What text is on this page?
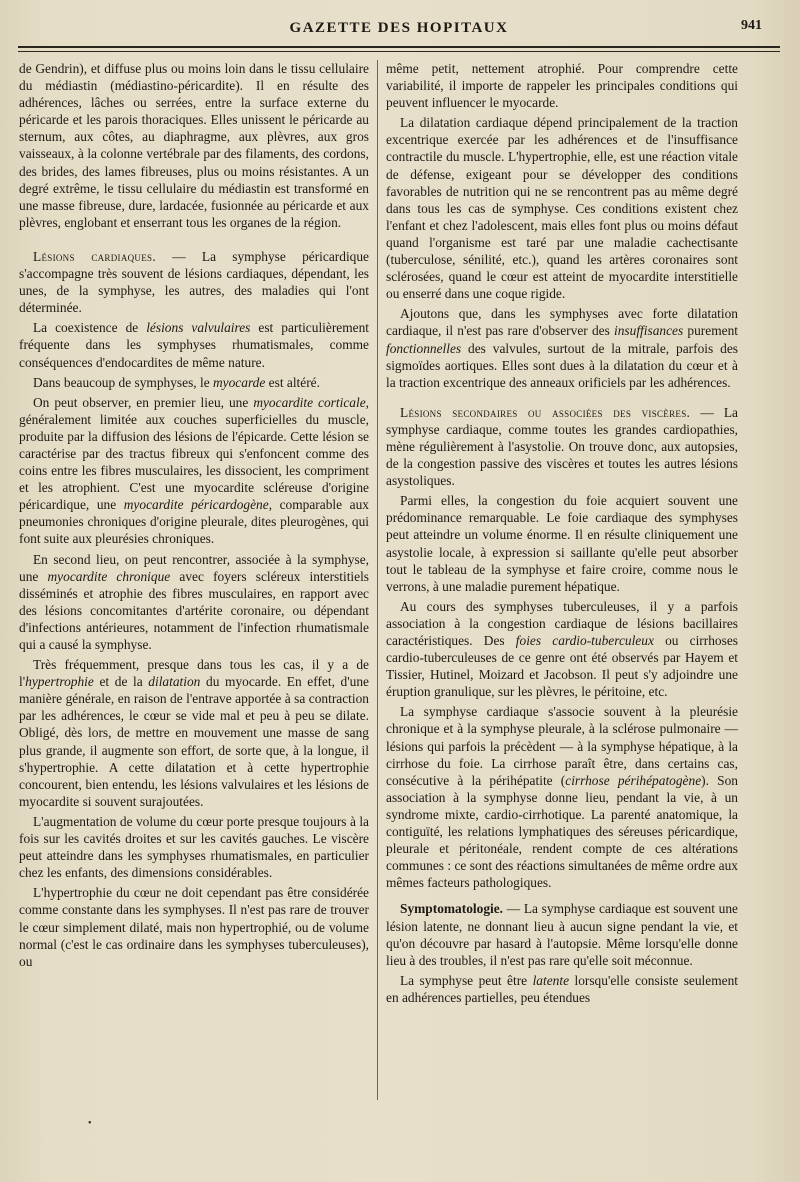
GAZETTE DES HOPITAUX	941

de Gendrin), et diffuse plus ou moins loin dans le tissu cellulaire du médiastin (médiastino-péricardite). Il en résulte des adhérences, lâches ou serrées, entre la surface externe du péricarde et les parois thoraciques. Elles unissent le péricarde au sternum, aux côtes, au diaphragme, aux plèvres, aux gros vaisseaux, à la colonne vertébrale par des filaments, des cordons, des brides, des lames fibreuses, plus ou moins résistantes. A un degré extrême, le tissu cellulaire du médiastin est transformé en une masse fibreuse, dure, lardacée, fusionnée au péricarde et aux plèvres, englobant et enserrant tous les organes de la région.

Lésions cardiaques. — La symphyse péricardique s'accompagne très souvent de lésions cardiaques, dépendant, les unes, de la symphyse, les autres, des maladies qui l'ont déterminée.

La coexistence de lésions valvulaires est particulièrement fréquente dans les symphyses rhumatismales, comme conséquences d'endocardites de même nature.

Dans beaucoup de symphyses, le myocarde est altéré.

On peut observer, en premier lieu, une myocardite corticale, généralement limitée aux couches superficielles du muscle, produite par la diffusion des lésions de l'épicarde. Cette lésion se caractérise par des tractus fibreux qui s'enfoncent comme des coins entre les fibres musculaires, les dissocient, les compriment et les atrophient. C'est une myocardite scléreuse d'origine péricardique, une myocardite péricardogène, comparable aux pneumonies chroniques d'origine pleurale, dites pleurogènes, qui font suite aux pleurésies chroniques.

En second lieu, on peut rencontrer, associée à la symphyse, une myocardite chronique avec foyers scléreux interstitiels disséminés et atrophie des fibres musculaires, en rapport avec des lésions concomitantes d'artérite coronaire, ou dépendant d'infections antérieures, notamment de l'infection rhumatismale qui a causé la symphyse.

Très fréquemment, presque dans tous les cas, il y a de l'hypertrophie et de la dilatation du myocarde. En effet, d'une manière générale, en raison de l'entrave apportée à sa contraction par les adhérences, le cœur se vide mal et peu à peu se dilate. Obligé, dès lors, de mettre en mouvement une masse de sang plus grande, il augmente son effort, de sorte que, à la longue, il s'hypertrophie. A cette dilatation et à cette hypertrophie concourent, bien entendu, les lésions valvulaires et les lésions de myocardite si souvent surajoutées.

L'augmentation de volume du cœur porte presque toujours à la fois sur les cavités droites et sur les cavités gauches. Le viscère peut atteindre dans les symphyses rhumatismales, en particulier chez les enfants, des dimensions considérables.

L'hypertrophie du cœur ne doit cependant pas être considérée comme constante dans les symphyses. Il n'est pas rare de trouver le cœur simplement dilaté, mais non hypertrophié, ou de volume normal (c'est le cas ordinaire dans les symphyses tuberculeuses), ou

même petit, nettement atrophié. Pour comprendre cette variabilité, il importe de rappeler les principales conditions qui peuvent influencer le myocarde.

La dilatation cardiaque dépend principalement de la traction excentrique exercée par les adhérences et de l'insuffisance contractile du muscle. L'hypertrophie, elle, est une réaction vitale de défense, exigeant pour se développer des conditions favorables de nutrition qui ne se rencontrent pas au même degré dans tous les cas de symphyse. Ces conditions existent chez l'enfant et chez l'adolescent, mais elles font plus ou moins défaut quand l'organisme est taré par une maladie cachectisante (tuberculose, sénilité, etc.), quand les artères coronaires sont sclérosées, quand le cœur est atteint de myocardite interstitielle ou enserré dans une coque rigide.

Ajoutons que, dans les symphyses avec forte dilatation cardiaque, il n'est pas rare d'observer des insuffisances purement fonctionnelles des valvules, surtout de la mitrale, parfois des sigmoïdes aortiques. Elles sont dues à la dilatation du cœur et à la traction excentrique des anneaux orificiels par les adhérences.

Lésions secondaires ou associées des viscères. — La symphyse cardiaque, comme toutes les grandes cardiopathies, mène régulièrement à l'asystolie. On trouve donc, aux autopsies, de la congestion passive des viscères et toutes les autres lésions asystoliques.

Parmi elles, la congestion du foie acquiert souvent une prédominance remarquable. Le foie cardiaque des symphyses peut atteindre un volume énorme. Il en résulte cliniquement une asystolie locale, à expression si saillante qu'elle peut absorber tout le tableau de la symphyse et faire croire, comme nous le verrons, à une maladie purement hépatique.

Au cours des symphyses tuberculeuses, il y a parfois association à la congestion cardiaque de lésions bacillaires caractéristiques. Des foies cardio-tuberculeux ou cirrhoses cardio-tuberculeuses de ce genre ont été observés par Hayem et Tissier, Hutinel, Moizard et Jacobson. Il peut s'y adjoindre une éruption granulique, sur les plèvres, le péritoine, etc.

La symphyse cardiaque s'associe souvent à la pleurésie chronique et à la symphyse pleurale, à la sclérose pulmonaire — lésions qui parfois la précèdent — à la symphyse hépatique, à la cirrhose du foie. La cirrhose paraît être, dans certains cas, consécutive à la périhépatite (cirrhose périhépatogène). Son association à la symphyse donne lieu, pendant la vie, à un syndrome mixte, cardio-cirrhotique. La parenté anatomique, la contiguïté, les relations lymphatiques des séreuses péricardique, pleurale et péritonéale, rendent compte de ces altérations communes : ce sont des réactions simultanées de même ordre aux mêmes facteurs pathologiques.

Symptomatologie. — La symphyse cardiaque est souvent une lésion latente, ne donnant lieu à aucun signe pendant la vie, et qu'on découvre par hasard à l'autopsie. Même lorsqu'elle donne lieu à des troubles, il n'est pas rare qu'elle soit méconnue.

La symphyse peut être latente lorsqu'elle consiste seulement en adhérences partielles, peu étendues

•
